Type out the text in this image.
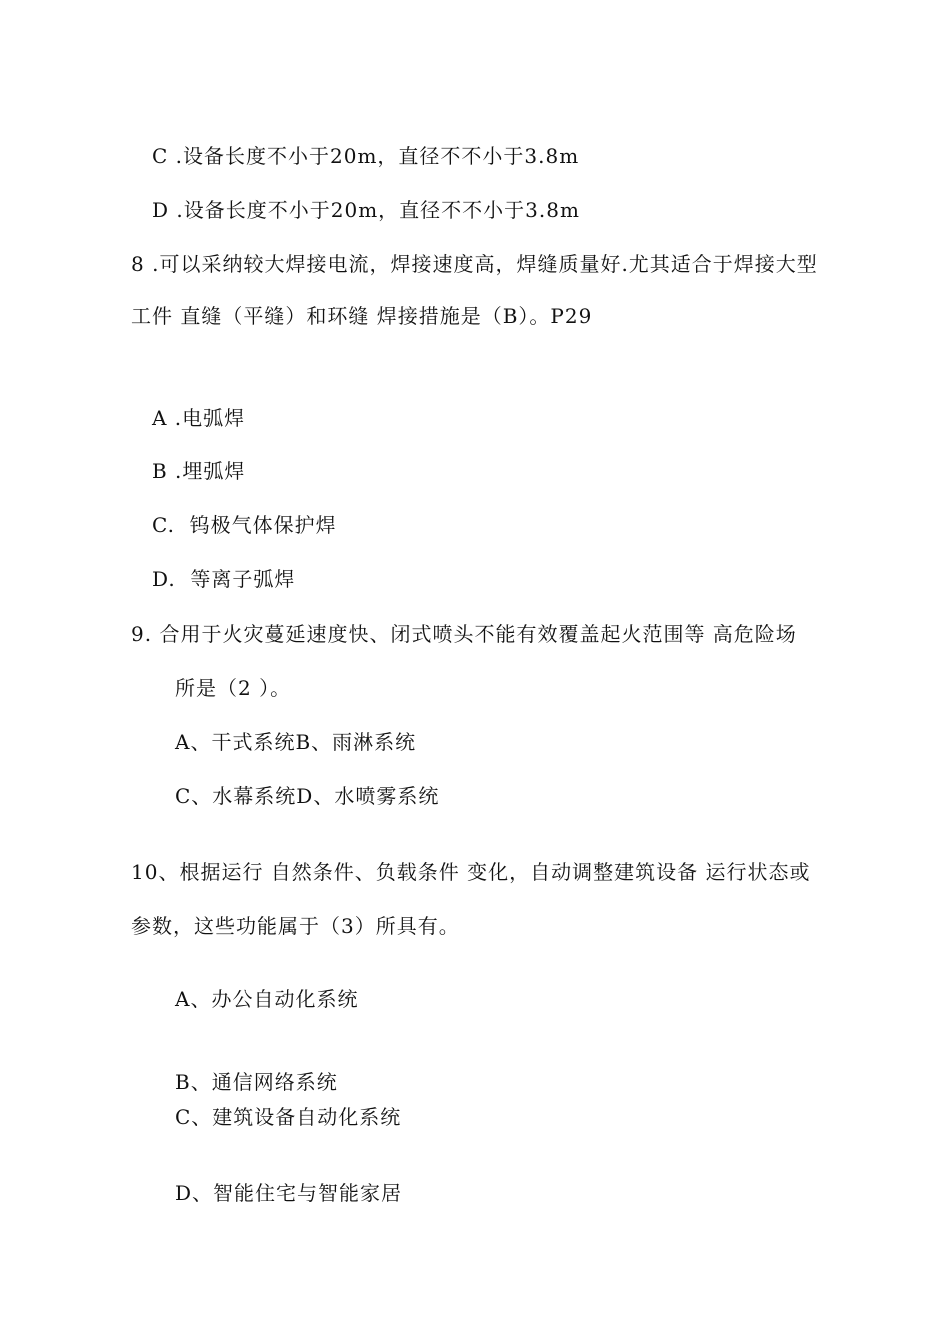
C .设备长度不小于20m，直径不不小于3.8m
D .设备长度不小于20m，直径不不小于3.8m
8 .可以采纳较大焊接电流，焊接速度高，焊缝质量好.尤其适合于焊接大型
工件 直缝（平缝）和环缝 焊接措施是（B）。P29
A .电弧焊
B .埋弧焊
C.  钨极气体保护焊
D.  等离子弧焊
9. 合用于火灾蔓延速度快、闭式喷头不能有效覆盖起火范围等 高危险场
所是（2 ）。
A、干式系统B、雨淋系统
C、水幕系统D、水喷雾系统
10、根据运行 自然条件、负载条件 变化，自动调整建筑设备 运行状态或
参数，这些功能属于（3）所具有。
A、办公自动化系统
B、通信网络系统
C、建筑设备自动化系统
D、智能住宅与智能家居
